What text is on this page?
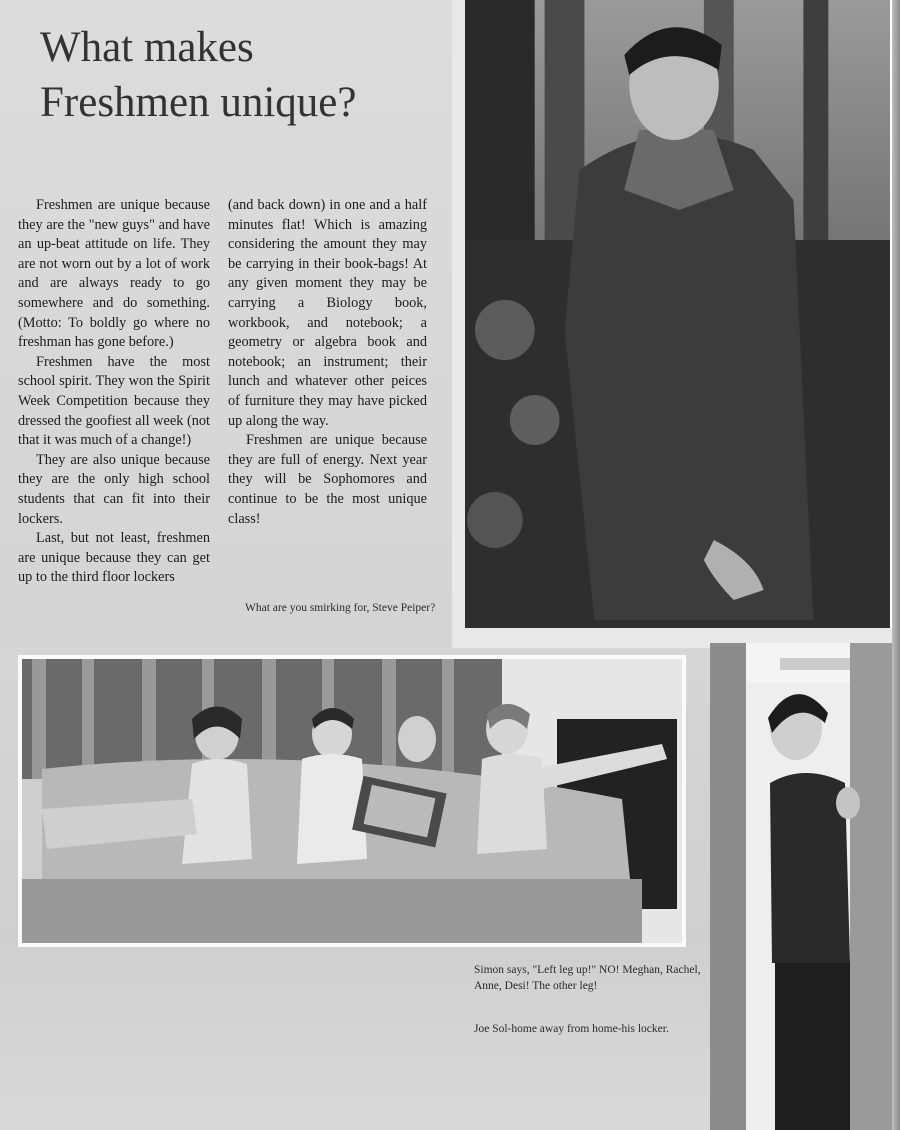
What makes
Freshmen unique?

Freshmen are unique because they are the "new guys" and have an up-beat attitude on life. They are not worn out by a lot of work and are always ready to go somewhere and do something. (Motto: To boldly go where no freshman has gone before.)

Freshmen have the most school spirit. They won the Spirit Week Competition because they dressed the goofiest all week (not that it was much of a change!)

They are also unique because they are the only high school students that can fit into their lockers.

Last, but not least, freshmen are unique because they can get up to the third floor lockers

(and back down) in one and a half minutes flat! Which is amazing considering the amount they may be carrying in their book-bags! At any given moment they may be carrying a Biology book, workbook, and notebook; a geometry or algebra book and notebook; an instrument; their lunch and whatever other peices of furniture they may have picked up along the way.

Freshmen are unique because they are full of energy. Next year they will be Sophomores and continue to be the most unique class!

What are you smirking for, Steve Peiper?
Simon says, "Left leg up!" NO! Meghan, Rachel, Anne, Desi! The other leg!
Joe Sol-home away from home-his locker.
